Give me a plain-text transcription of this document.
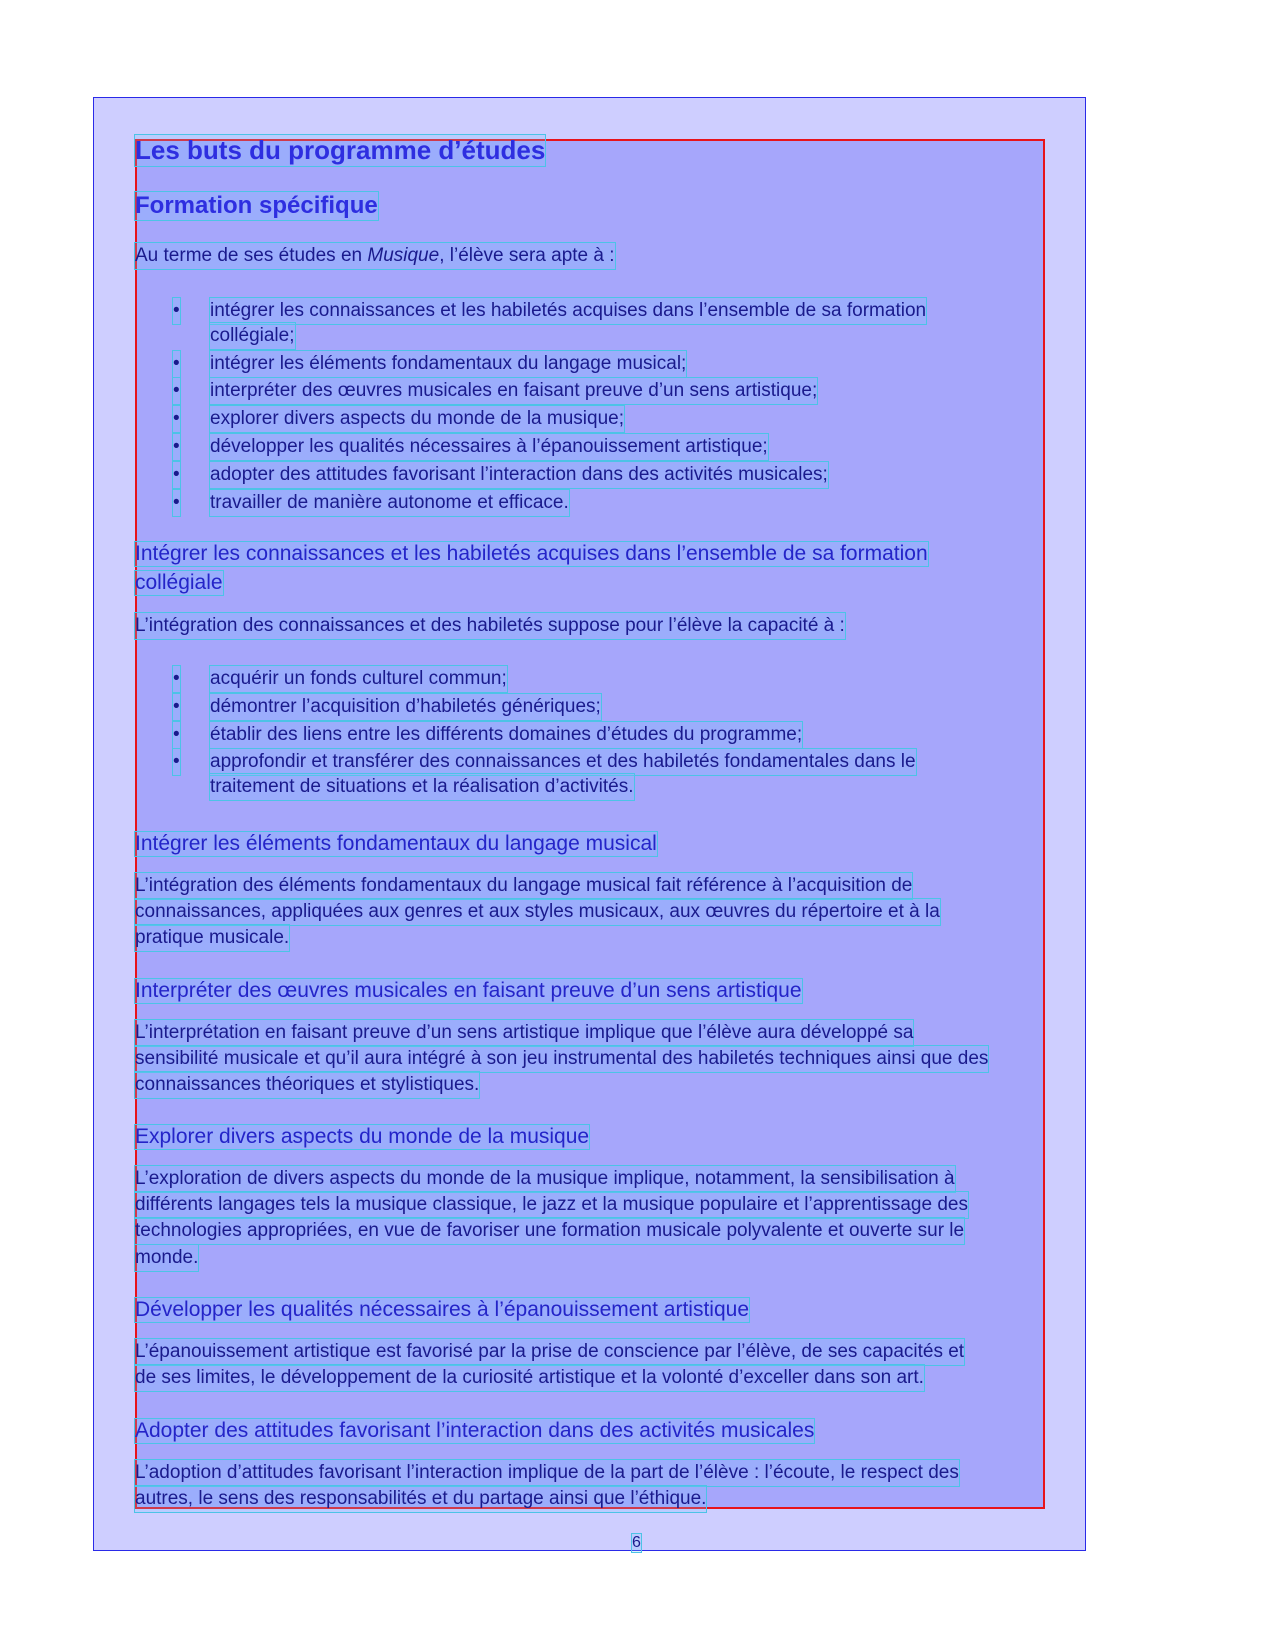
Les buts du programme d’études
Formation spécifique
Au terme de ses études en Musique, l’élève sera apte à :
• intégrer les connaissances et les habiletés acquises dans l’ensemble de sa formation
collégiale;
• intégrer les éléments fondamentaux du langage musical;
• interpréter des œuvres musicales en faisant preuve d’un sens artistique;
• explorer divers aspects du monde de la musique;
• développer les qualités nécessaires à l’épanouissement artistique;
• adopter des attitudes favorisant l’interaction dans des activités musicales;
• travailler de manière autonome et efficace.
Intégrer les connaissances et les habiletés acquises dans l’ensemble de sa formation
collégiale
L’intégration des connaissances et des habiletés suppose pour l’élève la capacité à :
• acquérir un fonds culturel commun;
• démontrer l’acquisition d’habiletés génériques;
• établir des liens entre les différents domaines d’études du programme;
• approfondir et transférer des connaissances et des habiletés fondamentales dans le
traitement de situations et la réalisation d’activités.
Intégrer les éléments fondamentaux du langage musical
L’intégration des éléments fondamentaux du langage musical fait référence à l’acquisition de
connaissances, appliquées aux genres et aux styles musicaux, aux œuvres du répertoire et à la
pratique musicale.
Interpréter des œuvres musicales en faisant preuve d’un sens artistique
L’interprétation en faisant preuve d’un sens artistique implique que l’élève aura développé sa
sensibilité musicale et qu’il aura intégré à son jeu instrumental des habiletés techniques ainsi que des
connaissances théoriques et stylistiques.
Explorer divers aspects du monde de la musique
L’exploration de divers aspects du monde de la musique implique, notamment, la sensibilisation à
différents langages tels la musique classique, le jazz et la musique populaire et l’apprentissage des
technologies appropriées, en vue de favoriser une formation musicale polyvalente et ouverte sur le
monde.
Développer les qualités nécessaires à l’épanouissement artistique
L’épanouissement artistique est favorisé par la prise de conscience par l’élève, de ses capacités et
de ses limites, le développement de la curiosité artistique et la volonté d’exceller dans son art.
Adopter des attitudes favorisant l’interaction dans des activités musicales
L’adoption d’attitudes favorisant l’interaction implique de la part de l’élève : l’écoute, le respect des
autres, le sens des responsabilités et du partage ainsi que l’éthique.
6
